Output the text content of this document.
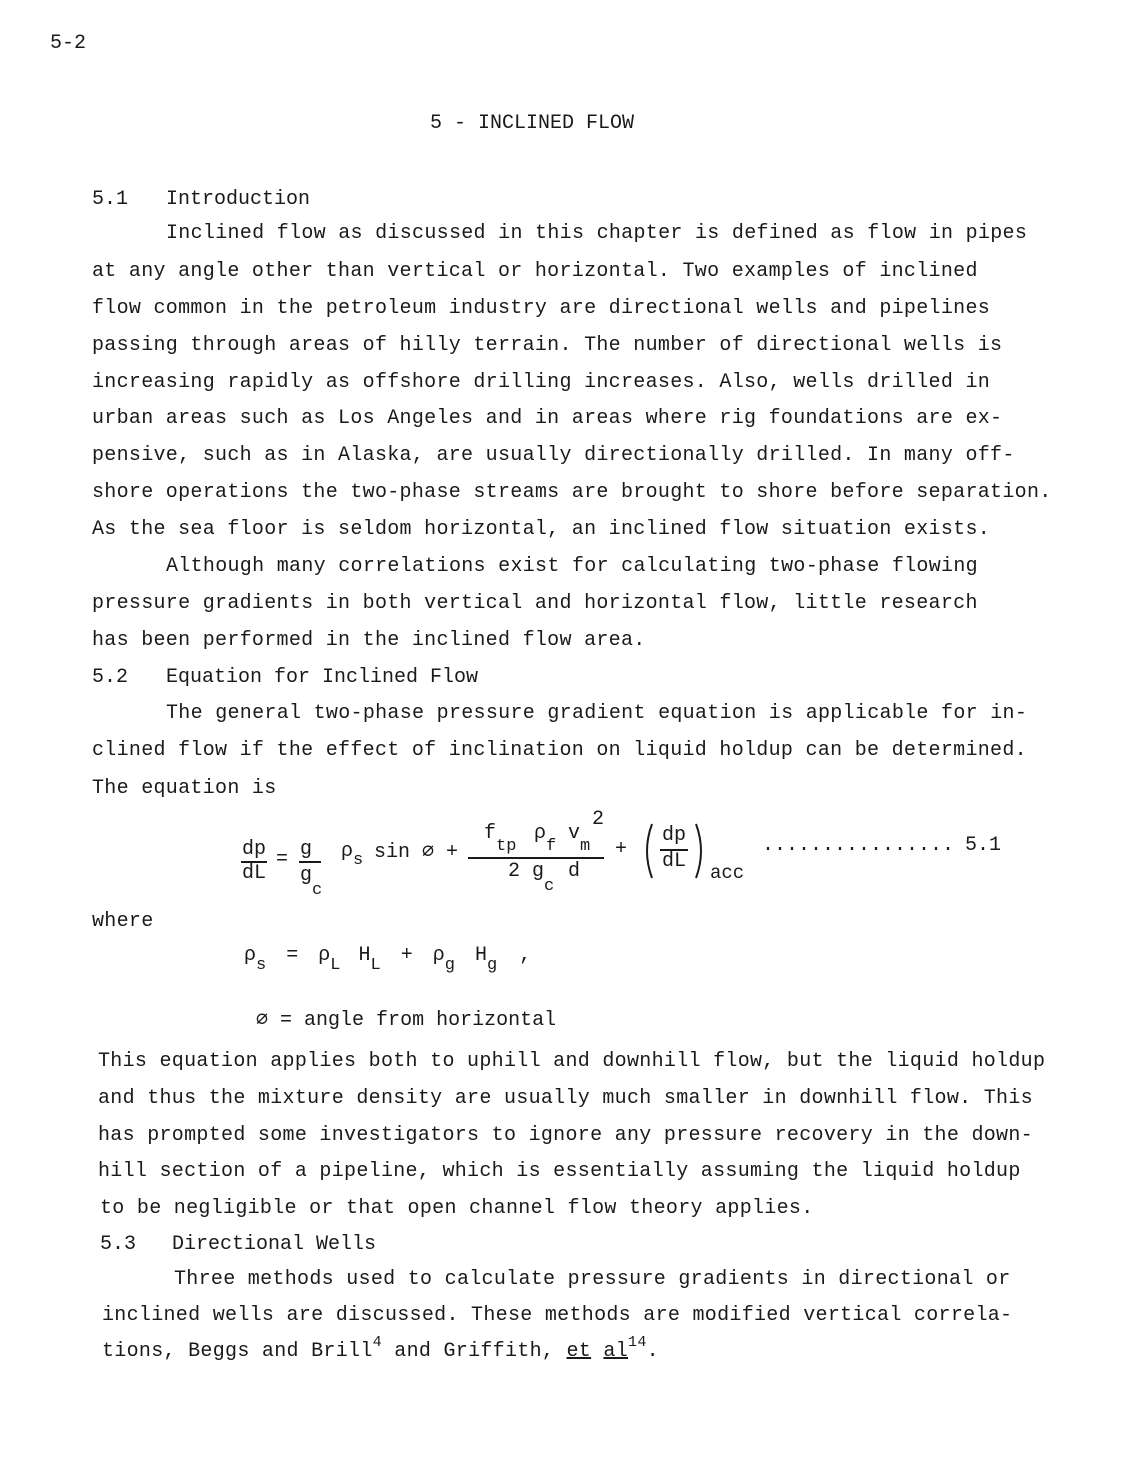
5-2
5 - INCLINED FLOW
5.1 Introduction
Inclined flow as discussed in this chapter is defined as flow in pipes
at any angle other than vertical or horizontal. Two examples of inclined
flow common in the petroleum industry are directional wells and pipelines
passing through areas of hilly terrain. The number of directional wells is
increasing rapidly as offshore drilling increases. Also, wells drilled in
urban areas such as Los Angeles and in areas where rig foundations are ex-
pensive, such as in Alaska, are usually directionally drilled. In many off-
shore operations the two-phase streams are brought to shore before separation.
As the sea floor is seldom horizontal, an inclined flow situation exists.
Although many correlations exist for calculating two-phase flowing
pressure gradients in both vertical and horizontal flow, little research
has been performed in the inclined flow area.
5.2 Equation for Inclined Flow
The general two-phase pressure gradient equation is applicable for in-
clined flow if the effect of inclination on liquid holdup can be determined.
The equation is
dp
dL
= g
$g_c$
$\rho_s$ sin ∅ +
$f_{tp}$
$\rho_f$
$v_m$
2
2 $g_c$
d
+
dp
dL acc
................ 5.1
where
$\rho_s = \rho_L$ $H_L + \rho_g$ $H_g$ ,
∅ = angle from horizontal
This equation applies both to uphill and downhill flow, but the liquid holdup
and thus the mixture density are usually much smaller in downhill flow. This
has prompted some investigators to ignore any pressure recovery in the down-
hill section of a pipeline, which is essentially assuming the liquid holdup
to be negligible or that open channel flow theory applies.
5.3 Directional Wells
Three methods used to calculate pressure gradients in directional or
inclined wells are discussed. These methods are modified vertical correla-
tions, Beggs and Brill$^4$ and Griffith, et $al^{14}$.
